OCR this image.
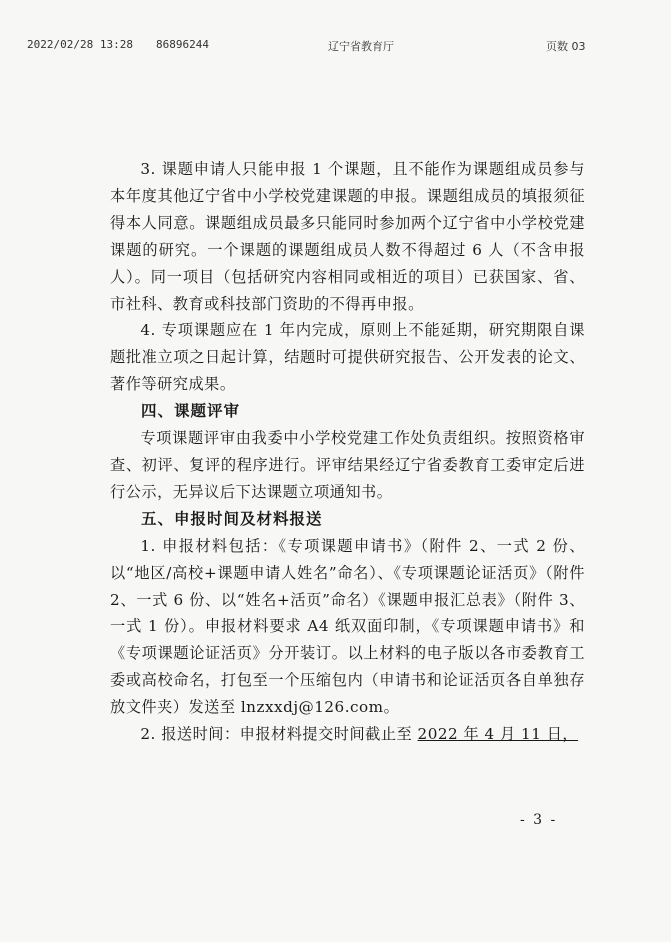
2022/02/28 13:28 86896244	辽宁省教育厅	页数 03

3. 课题申请人只能申报 1 个课题，且不能作为课题组成员参与本年度其他辽宁省中小学校党建课题的申报。课题组成员的填报须征得本人同意。课题组成员最多只能同时参加两个辽宁省中小学校党建课题的研究。一个课题的课题组成员人数不得超过 6 人（不含申报人）。同一项目（包括研究内容相同或相近的项目）已获国家、省、市社科、教育或科技部门资助的不得再申报。

4. 专项课题应在 1 年内完成，原则上不能延期，研究期限自课题批准立项之日起计算，结题时可提供研究报告、公开发表的论文、著作等研究成果。

四、课题评审

专项课题评审由我委中小学校党建工作处负责组织。按照资格审查、初评、复评的程序进行。评审结果经辽宁省委教育工委审定后进行公示，无异议后下达课题立项通知书。

五、申报时间及材料报送

1. 申报材料包括：《专项课题申请书》（附件 2、一式 2 份、以“地区/高校+课题申请人姓名”命名）、《专项课题论证活页》（附件 2、一式 6 份、以“姓名+活页”命名）《课题申报汇总表》（附件 3、一式 1 份）。申报材料要求 A4 纸双面印制，《专项课题申请书》和《专项课题论证活页》分开装订。以上材料的电子版以各市委教育工委或高校命名，打包至一个压缩包内（申请书和论证活页各自单独存放文件夹）发送至 lnzxxdj@126.com。

2. 报送时间：申报材料提交时间截止至 2022 年 4 月 11 日，

- 3 -
